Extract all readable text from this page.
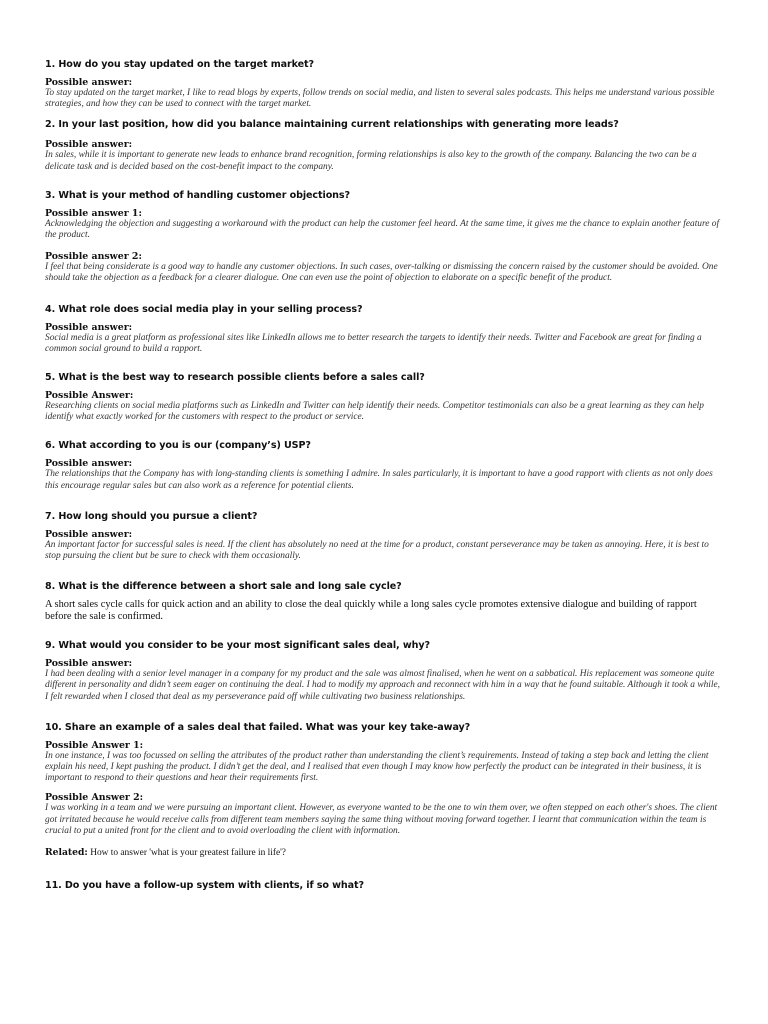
1. How do you stay updated on the target market?

Possible answer:

To stay updated on the target market, I like to read blogs by experts, follow trends on social media, and listen to several sales podcasts. This helps me understand various possible strategies, and how they can be used to connect with the target market.

2. In your last position, how did you balance maintaining current relationships with generating more leads?

Possible answer:

In sales, while it is important to generate new leads to enhance brand recognition, forming relationships is also key to the growth of the company. Balancing the two can be a delicate task and is decided based on the cost-benefit impact to the company.

3. What is your method of handling customer objections?

Possible answer 1:

Acknowledging the objection and suggesting a workaround with the product can help the customer feel heard. At the same time, it gives me the chance to explain another feature of the product.

Possible answer 2:

I feel that being considerate is a good way to handle any customer objections. In such cases, over-talking or dismissing the concern raised by the customer should be avoided. One should take the objection as a feedback for a clearer dialogue. One can even use the point of objection to elaborate on a specific benefit of the product.

4. What role does social media play in your selling process?

Possible answer:

Social media is a great platform as professional sites like LinkedIn allows me to better research the targets to identify their needs. Twitter and Facebook are great for finding a common social ground to build a rapport.

5. What is the best way to research possible clients before a sales call?

Possible Answer:

Researching clients on social media platforms such as LinkedIn and Twitter can help identify their needs. Competitor testimonials can also be a great learning as they can help identify what exactly worked for the customers with respect to the product or service.

6. What according to you is our (company’s) USP?

Possible answer:

The relationships that the Company has with long-standing clients is something I admire. In sales particularly, it is important to have a good rapport with clients as not only does this encourage regular sales but can also work as a reference for potential clients.

7. How long should you pursue a client?

Possible answer:

An important factor for successful sales is need. If the client has absolutely no need at the time for a product, constant perseverance may be taken as annoying. Here, it is best to stop pursuing the client but be sure to check with them occasionally.

8. What is the difference between a short sale and long sale cycle?

A short sales cycle calls for quick action and an ability to close the deal quickly while a long sales cycle promotes extensive dialogue and building of rapport before the sale is confirmed.

9. What would you consider to be your most significant sales deal, why?

Possible answer:

I had been dealing with a senior level manager in a company for my product and the sale was almost finalised, when he went on a sabbatical. His replacement was someone quite different in personality and didn’t seem eager on continuing the deal. I had to modify my approach and reconnect with him in a way that he found suitable. Although it took a while, I felt rewarded when I closed that deal as my perseverance paid off while cultivating two business relationships.

10. Share an example of a sales deal that failed. What was your key take-away?

Possible Answer 1:

In one instance, I was too focussed on selling the attributes of the product rather than understanding the client’s requirements. Instead of taking a step back and letting the client explain his need, I kept pushing the product. I didn’t get the deal, and I realised that even though I may know how perfectly the product can be integrated in their business, it is important to respond to their questions and hear their requirements first.

Possible Answer 2:

I was working in a team and we were pursuing an important client. However, as everyone wanted to be the one to win them over, we often stepped on each other's shoes. The client got irritated because he would receive calls from different team members saying the same thing without moving forward together. I learnt that communication within the team is crucial to put a united front for the client and to avoid overloading the client with information.

Related: How to answer 'what is your greatest failure in life'?

11. Do you have a follow-up system with clients, if so what?
